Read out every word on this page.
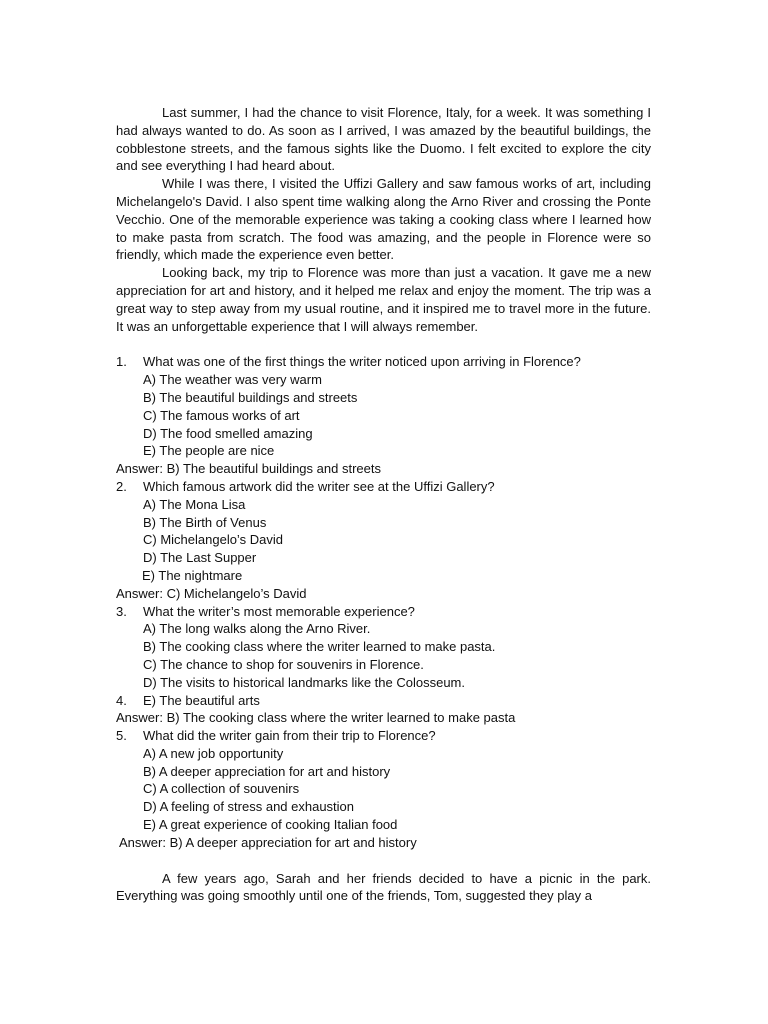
Last summer, I had the chance to visit Florence, Italy, for a week. It was something I had always wanted to do. As soon as I arrived, I was amazed by the beautiful buildings, the cobblestone streets, and the famous sights like the Duomo. I felt excited to explore the city and see everything I had heard about.

While I was there, I visited the Uffizi Gallery and saw famous works of art, including Michelangelo's David. I also spent time walking along the Arno River and crossing the Ponte Vecchio. One of the memorable experience was taking a cooking class where I learned how to make pasta from scratch. The food was amazing, and the people in Florence were so friendly, which made the experience even better.

Looking back, my trip to Florence was more than just a vacation. It gave me a new appreciation for art and history, and it helped me relax and enjoy the moment. The trip was a great way to step away from my usual routine, and it inspired me to travel more in the future. It was an unforgettable experience that I will always remember.

1. What was one of the first things the writer noticed upon arriving in Florence?

A) The weather was very warm

B) The beautiful buildings and streets

C) The famous works of art

D) The food smelled amazing

E) The people are nice

Answer: B) The beautiful buildings and streets

2. Which famous artwork did the writer see at the Uffizi Gallery?

A) The Mona Lisa

B) The Birth of Venus

C) Michelangelo’s David

D) The Last Supper

E) The nightmare

Answer: C) Michelangelo’s David

3. What the writer’s most memorable experience?

A) The long walks along the Arno River.

B) The cooking class where the writer learned to make pasta.

C) The chance to shop for souvenirs in Florence.

D) The visits to historical landmarks like the Colosseum.

4. E) The beautiful arts

Answer: B) The cooking class where the writer learned to make pasta

5. What did the writer gain from their trip to Florence?

A) A new job opportunity

B) A deeper appreciation for art and history

C) A collection of souvenirs

D) A feeling of stress and exhaustion

E) A great experience of cooking Italian food

Answer: B) A deeper appreciation for art and history

A few years ago, Sarah and her friends decided to have a picnic in the park. Everything was going smoothly until one of the friends, Tom, suggested they play a
